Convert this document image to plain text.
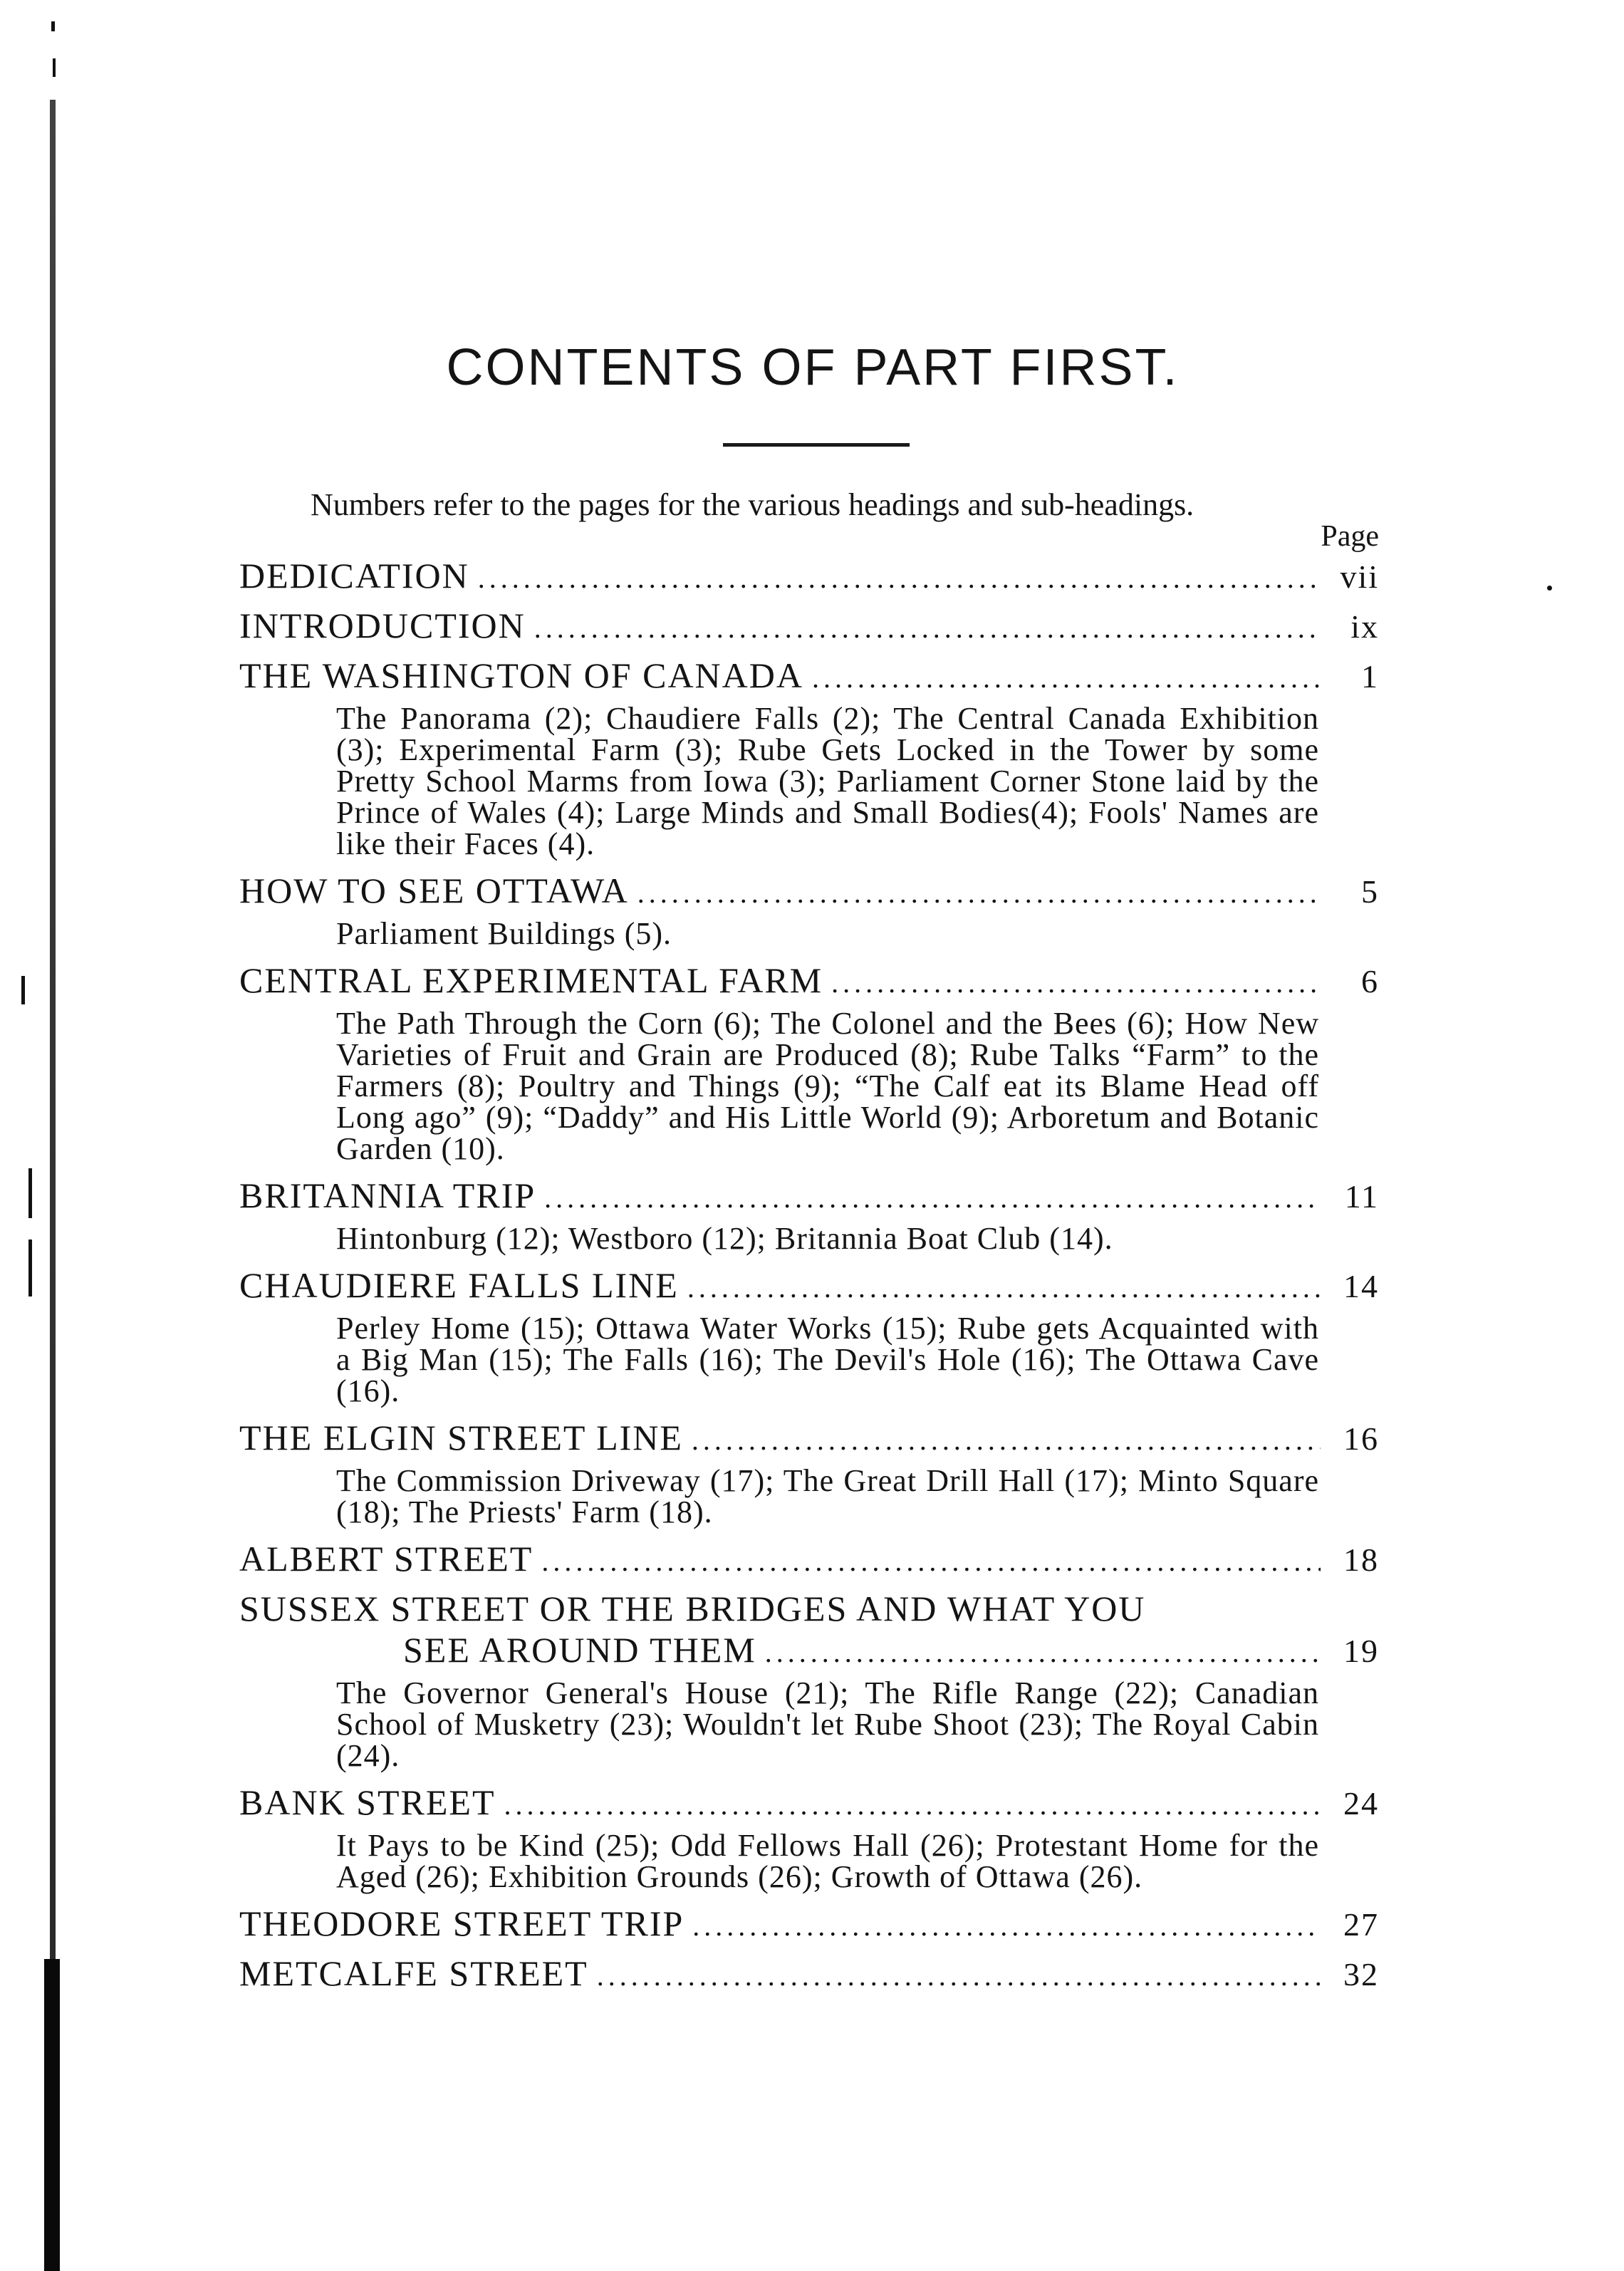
CONTENTS OF PART FIRST.

Numbers refer to the pages for the various headings and sub-headings.

Page
DEDICATION . . .	vii
INTRODUCTION . . .	ix
THE WASHINGTON OF CANADA . . .	1

The Panorama (2); Chaudiere Falls (2); The Central Canada Exhibition (3); Experimental Farm (3); Rube Gets Locked in the Tower by some Pretty School Marms from Iowa (3); Parliament Corner Stone laid by the Prince of Wales (4); Large Minds and Small Bodies(4); Fools' Names are like their Faces (4).

HOW TO SEE OTTAWA . . .	5

Parliament Buildings (5).

CENTRAL EXPERIMENTAL FARM . . .	6

The Path Through the Corn (6); The Colonel and the Bees (6); How New Varieties of Fruit and Grain are Produced (8); Rube Talks “Farm” to the Farmers (8); Poultry and Things (9); “The Calf eat its Blame Head off Long ago” (9); “Daddy” and His Little World (9); Arboretum and Botanic Garden (10).

BRITANNIA TRIP . . .	11

Hintonburg (12); Westboro (12); Britannia Boat Club (14).

CHAUDIERE FALLS LINE . . .	14

Perley Home (15); Ottawa Water Works (15); Rube gets Acquainted with a Big Man (15); The Falls (16); The Devil's Hole (16); The Ottawa Cave (16).

THE ELGIN STREET LINE . . .	16

The Commission Driveway (17); The Great Drill Hall (17); Minto Square (18); The Priests' Farm (18).

ALBERT STREET . . .	18
SUSSEX STREET OR THE BRIDGES AND WHAT YOU
SEE AROUND THEM . . .	19

The Governor General's House (21); The Rifle Range (22); Canadian School of Musketry (23); Wouldn't let Rube Shoot (23); The Royal Cabin (24).

BANK STREET . . .	24

It Pays to be Kind (25); Odd Fellows Hall (26); Protestant Home for the Aged (26); Exhibition Grounds (26); Growth of Ottawa (26).

THEODORE STREET TRIP . . .	27
METCALFE STREET . . .	32
